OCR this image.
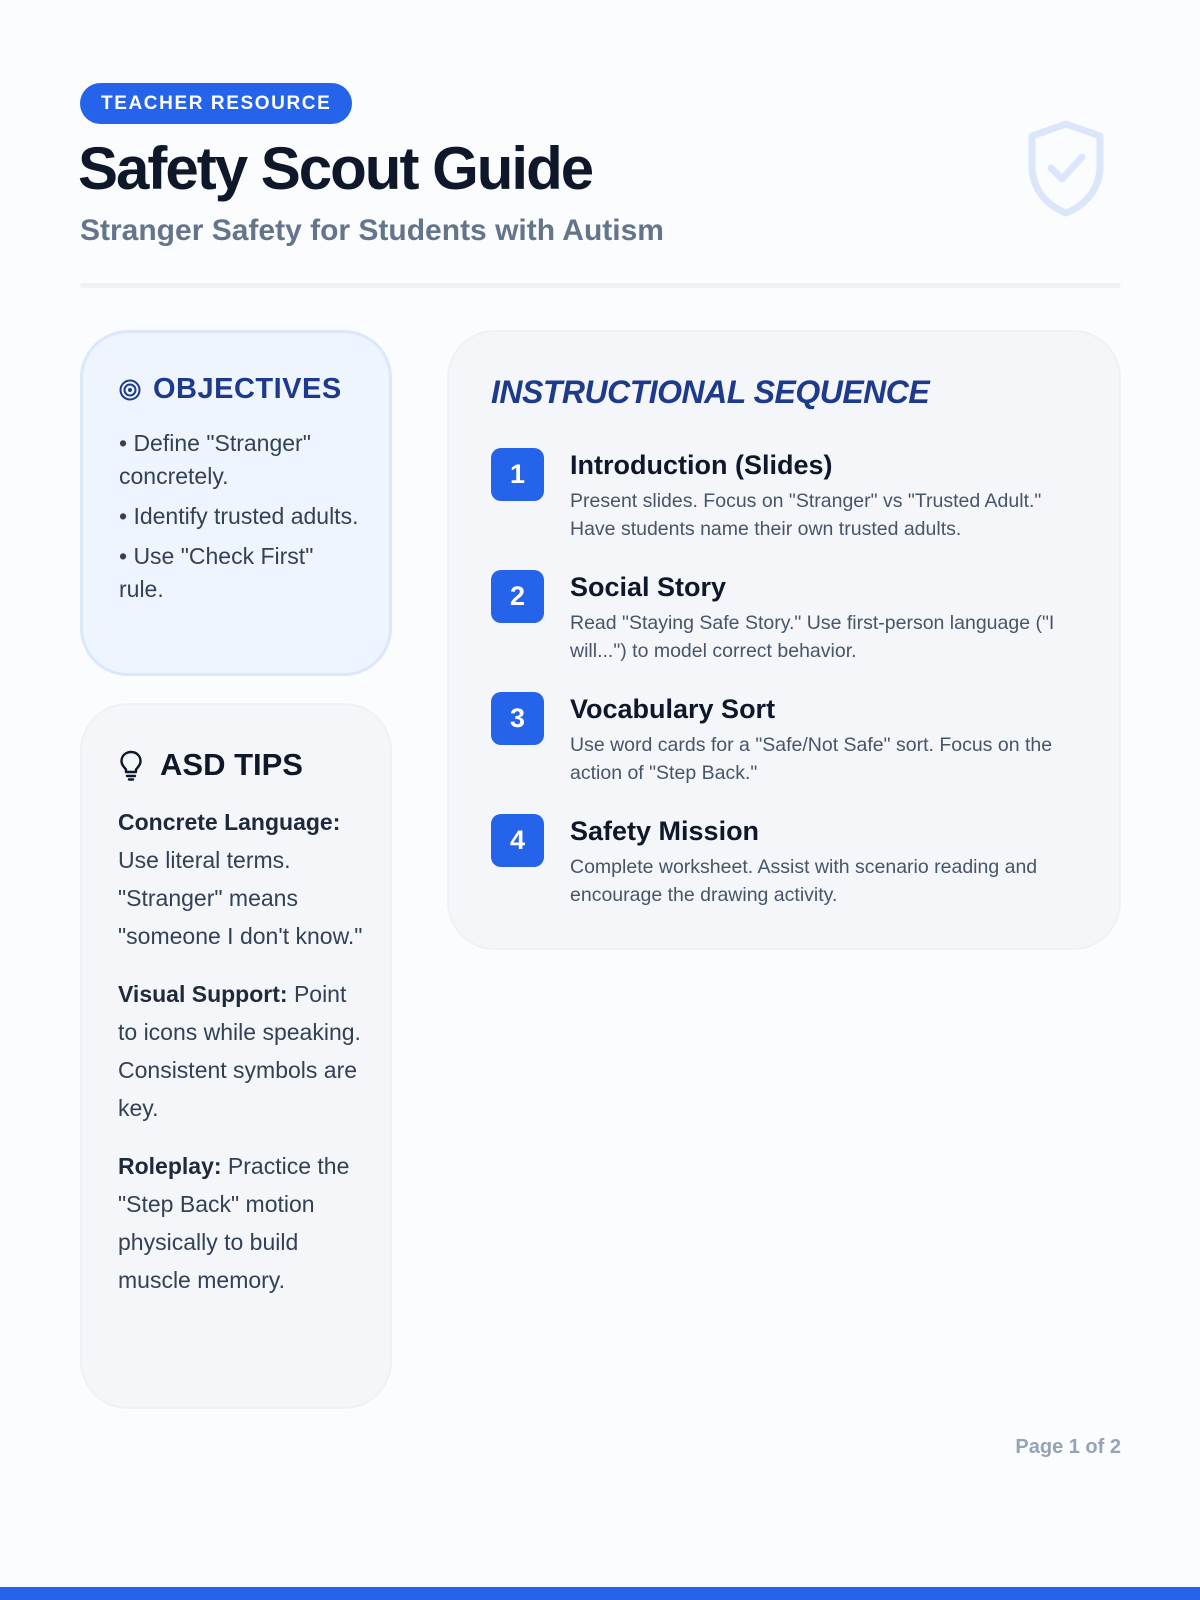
TEACHER RESOURCE
Safety Scout Guide
Stranger Safety for Students with Autism
OBJECTIVES
• Define "Stranger" concretely.
• Identify trusted adults.
• Use "Check First" rule.
ASD TIPS

Concrete Language: Use literal terms. "Stranger" means "someone I don't know."

Visual Support: Point to icons while speaking. Consistent symbols are key.

Roleplay: Practice the "Step Back" motion physically to build muscle memory.

INSTRUCTIONAL SEQUENCE
1	Introduction (Slides)
Present slides. Focus on "Stranger" vs "Trusted Adult." Have students name their own trusted adults.
2	Social Story
Read "Staying Safe Story." Use first-person language ("I will...") to model correct behavior.
3	Vocabulary Sort
Use word cards for a "Safe/Not Safe" sort. Focus on the action of "Step Back."
4	Safety Mission
Complete worksheet. Assist with scenario reading and encourage the drawing activity.
Page 1 of 2
